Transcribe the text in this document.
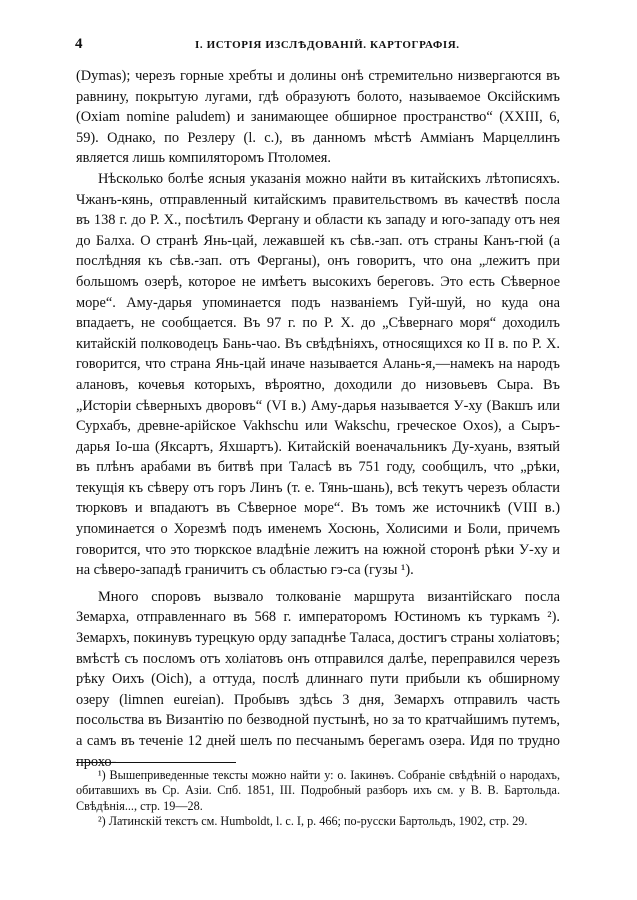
4	I. ИСТОРІЯ ИЗСЛѢДОВАНІЙ. КАРТОГРАФІЯ.

(Dymas); черезъ горные хребты и долины онѣ стремительно низвергаются въ равнину, покрытую лугами, гдѣ образуютъ болото, называемое Оксійскимъ (Oxiam nomine paludem) и занимающее обширное пространство“ (XXIII, 6, 59). Однако, по Резлеру (l. c.), въ данномъ мѣстѣ Амміанъ Марцеллинъ является лишь компиляторомъ Птоломея.

Нѣсколько болѣе ясныя указанія можно найти въ китайскихъ лѣтописяхъ. Чжанъ-кянь, отправленный китайскимъ правительствомъ въ качествѣ посла въ 138 г. до Р. Х., посѣтилъ Фергану и области къ западу и юго-западу отъ нея до Балха. О странѣ Янь-цай, лежавшей къ сѣв.-зап. отъ страны Канъ-гюй (а послѣдняя къ сѣв.-зап. отъ Ферганы), онъ говоритъ, что она „лежитъ при большомъ озерѣ, которое не имѣетъ высокихъ береговъ. Это есть Сѣверное море“. Аму-дарья упоминается подъ названіемъ Гуй-шуй, но куда она впадаетъ, не сообщается. Въ 97 г. по Р. Х. до „Сѣвернаго моря“ доходилъ китайскій полководецъ Бань-чао. Въ свѣдѣніяхъ, относящихся ко II в. по Р. Х. говорится, что страна Янь-цай иначе называется Алань-я,—намекъ на народъ алановъ, кочевья которыхъ, вѣроятно, доходили до низовьевъ Сыра. Въ „Исторіи сѣверныхъ дворовъ“ (VI в.) Аму-дарья называется У-ху (Вакшъ или Сурхабъ, древне-арійское Vakhschu или Wakschu, греческое Oxos), а Сыръ-дарья Іо-ша (Яксартъ, Яхшартъ). Китайскій военачальникъ Ду-хуань, взятый въ плѣнъ арабами въ битвѣ при Таласѣ въ 751 году, сообщилъ, что „рѣки, текущія къ сѣверу отъ горъ Линъ (т. е. Тянь-шань), всѣ текутъ черезъ области тюрковъ и впадаютъ въ Сѣверное море“. Въ томъ же источникѣ (VIII в.) упоминается о Хорезмѣ подъ именемъ Хосюнь, Холисими и Боли, причемъ говорится, что это тюркское владѣніе лежитъ на южной сторонѣ рѣки У-ху и на сѣверо-западѣ граничитъ съ областью гэ-са (гузы ¹).

Много споровъ вызвало толкованіе маршрута византійскаго посла Земарха, отправленнаго въ 568 г. императоромъ Юстиномъ къ туркамъ ²). Земархъ, покинувъ турецкую орду западнѣе Таласа, достигъ страны холіатовъ; вмѣстѣ съ посломъ отъ холіатовъ онъ отправился далѣе, переправился черезъ рѣку Оихъ (Oich), а оттуда, послѣ длиннаго пути прибыли къ обширному озеру (limnen eureian). Пробывъ здѣсь 3 дня, Земархъ отправилъ часть посольства въ Византію по безводной пустынѣ, но за то кратчайшимъ путемъ, а самъ въ теченіе 12 дней шелъ по песчанымъ берегамъ озера. Идя по трудно прохо-

¹) Вышеприведенные тексты можно найти у: о. Іакинѳъ. Собраніе свѣдѣній о народахъ, обитавшихъ въ Ср. Азіи. Спб. 1851, III. Подробный разборъ ихъ см. у В. В. Бартольда. Свѣдѣнія..., стр. 19—28.

²) Латинскій текстъ см. Humboldt, l. c. I, p. 466; по-русски Бартольдъ, 1902, стр. 29.
